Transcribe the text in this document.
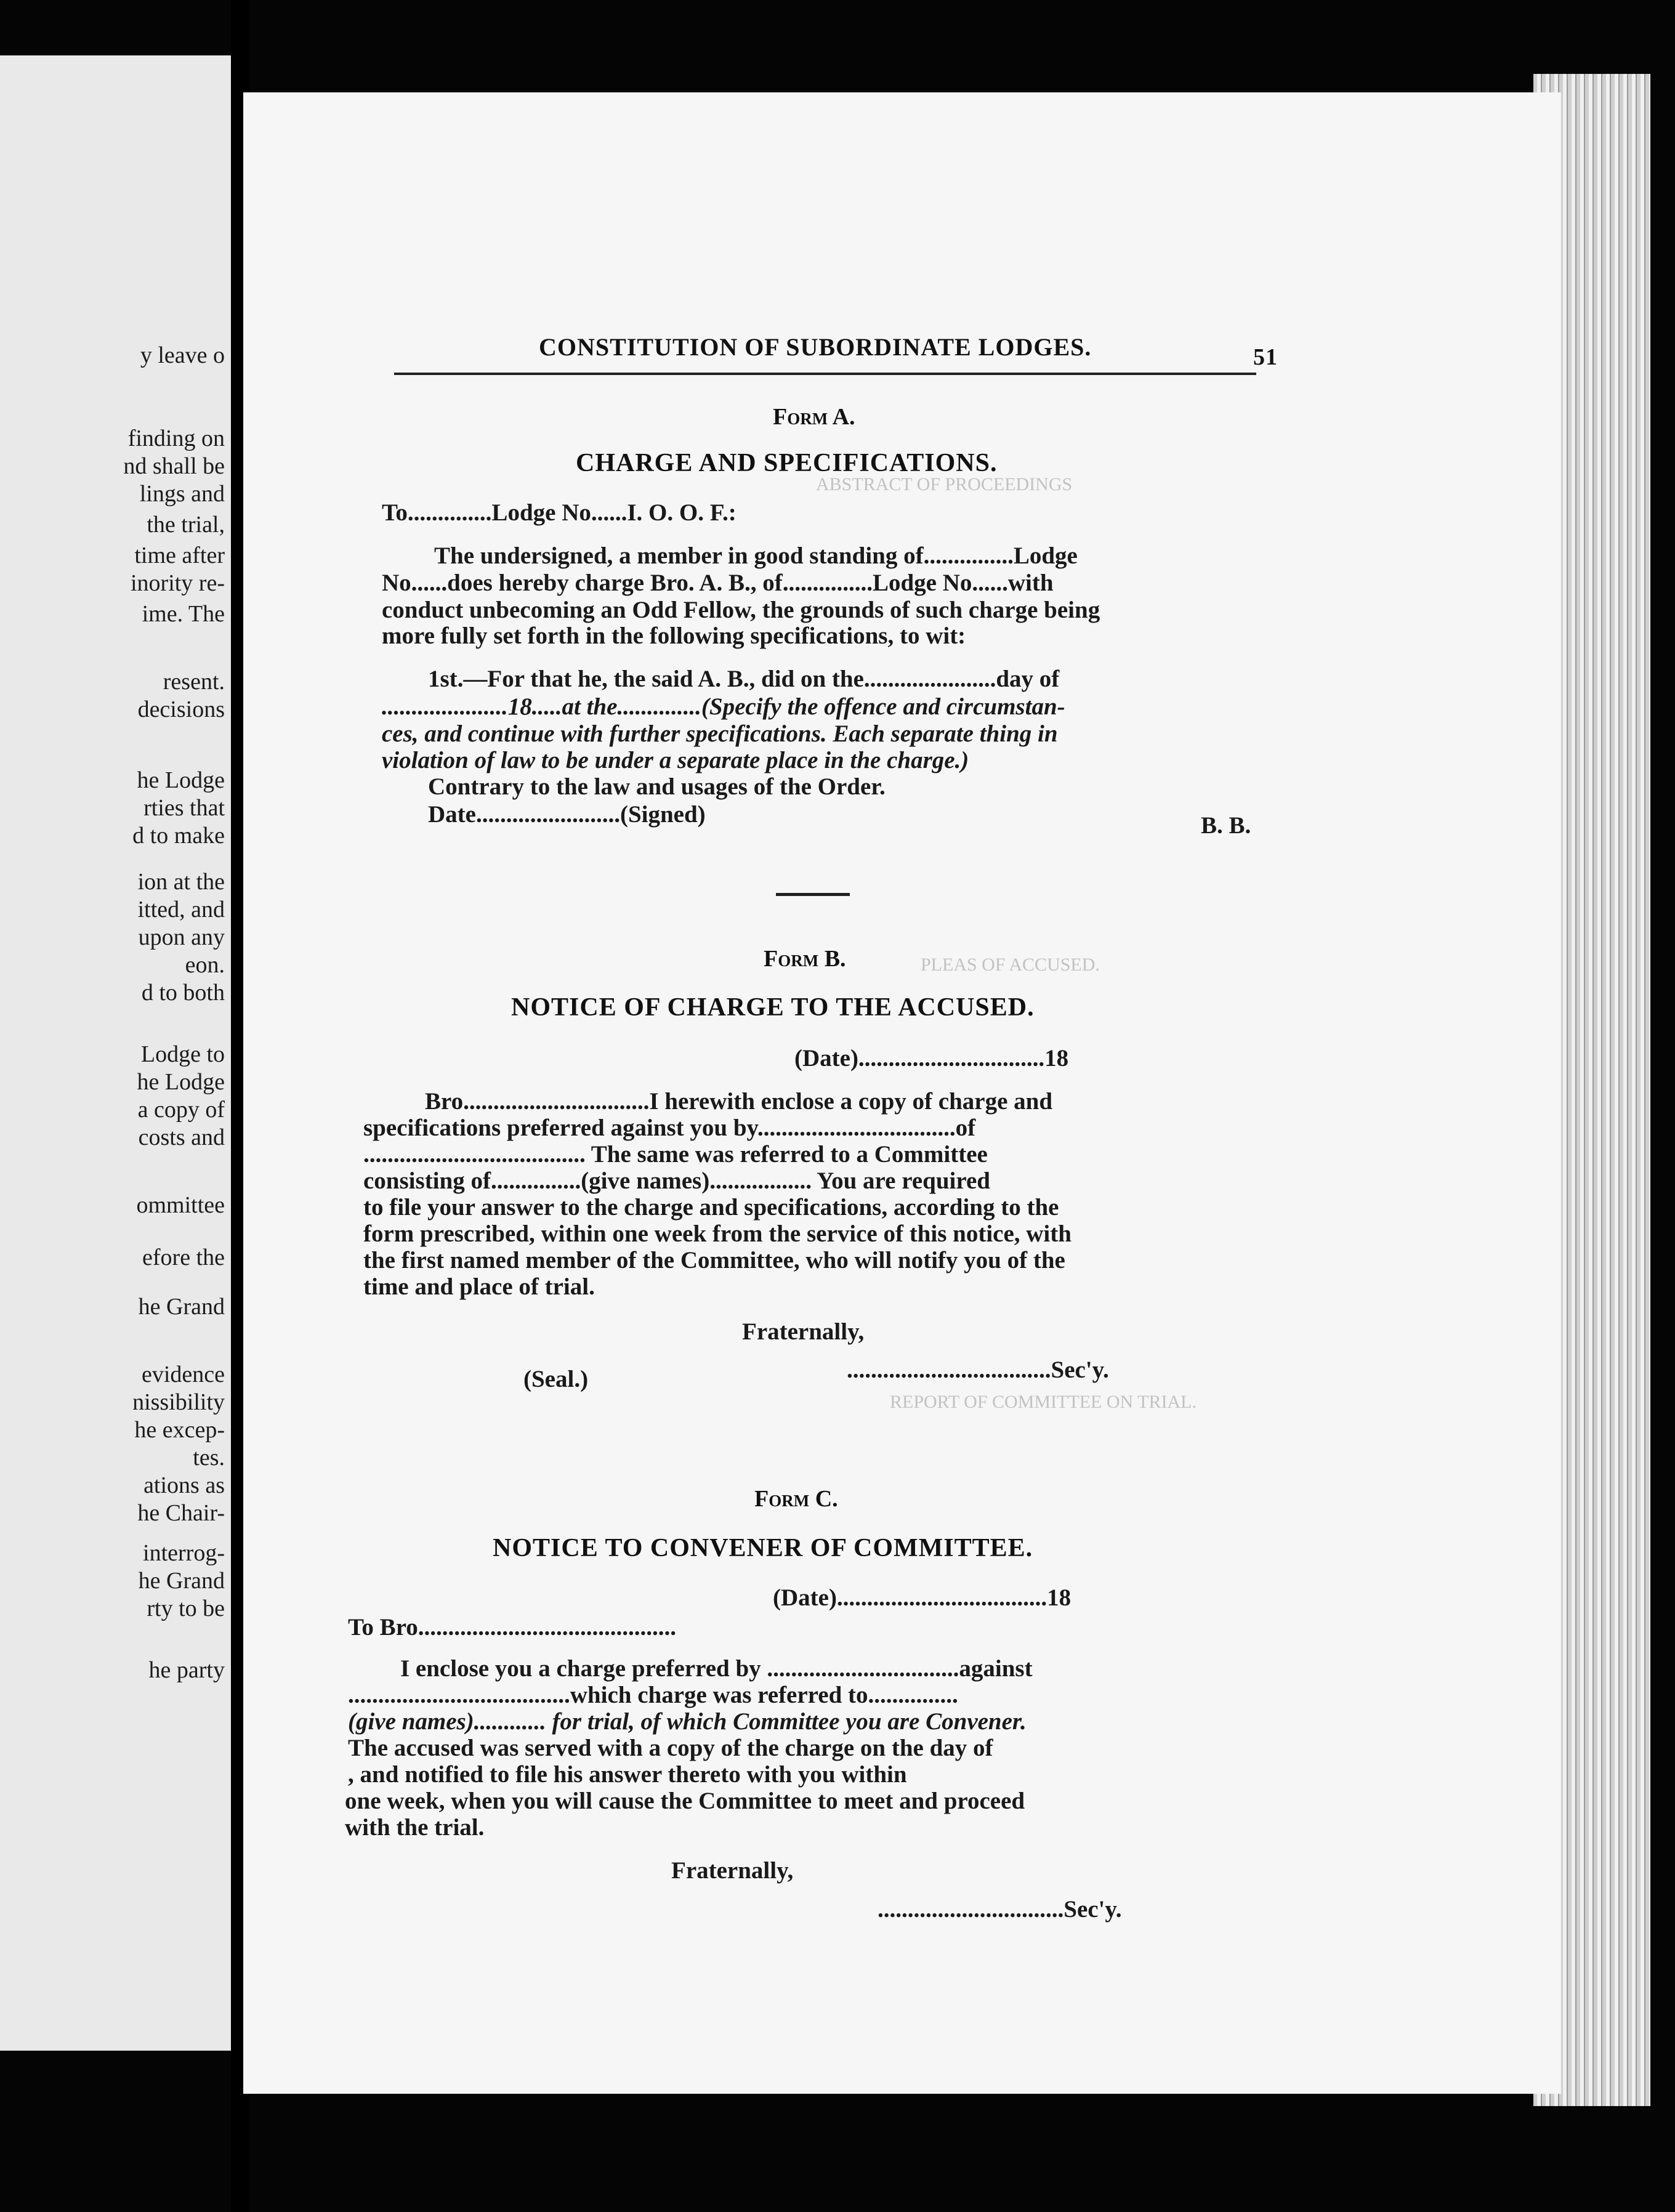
y leave o
finding on
nd shall be
lings and
the trial,
time after
inority re-
ime. The
resent.
decisions
he Lodge
rties that
d to make
ion at the
itted, and
upon any
eon.
d to both
Lodge to
he Lodge
a copy of
costs and
ommittee
efore the
he Grand
evidence
nissibility
he excep-
tes.
ations as
he Chair-
interrog-
he Grand
rty to be
he party
ABSTRACT OF PROCEEDINGS
PLEAS OF ACCUSED.
REPORT OF COMMITTEE ON TRIAL.
CONSTITUTION OF SUBORDINATE LODGES.	51
Form A.
CHARGE AND SPECIFICATIONS.
To..............Lodge No......I. O. O. F.:
The undersigned, a member in good standing of...............Lodge
No......does hereby charge Bro. A. B., of...............Lodge No......with
conduct unbecoming an Odd Fellow, the grounds of such charge being
more fully set forth in the following specifications, to wit:
1st.—For that he, the said A. B., did on the......................day of
.....................18.....at the..............(Specify the offence and circumstan-
ces, and continue with further specifications. Each separate thing in
violation of law to be under a separate place in the charge.)
Contrary to the law and usages of the Order.
Date........................(Signed)	B. B.
Form B.
NOTICE OF CHARGE TO THE ACCUSED.
(Date)...............................18
Bro...............................I herewith enclose a copy of charge and
specifications preferred against you by.................................of
..................................... The same was referred to a Committee
consisting of...............(give names)................. You are required
to file your answer to the charge and specifications, according to the
form prescribed, within one week from the service of this notice, with
the first named member of the Committee, who will notify you of the
time and place of trial.
Fraternally,
(Seal.)	..................................Sec'y.
Form C.
NOTICE TO CONVENER OF COMMITTEE.
(Date)...................................18
To Bro...........................................
I enclose you a charge preferred by ................................against
.....................................which charge was referred to...............
(give names)............ for trial, of which Committee you are Convener.
The accused was served with a copy of the charge on the day of
, and notified to file his answer thereto with you within
one week, when you will cause the Committee to meet and proceed
with the trial.
Fraternally,
...............................Sec'y.
